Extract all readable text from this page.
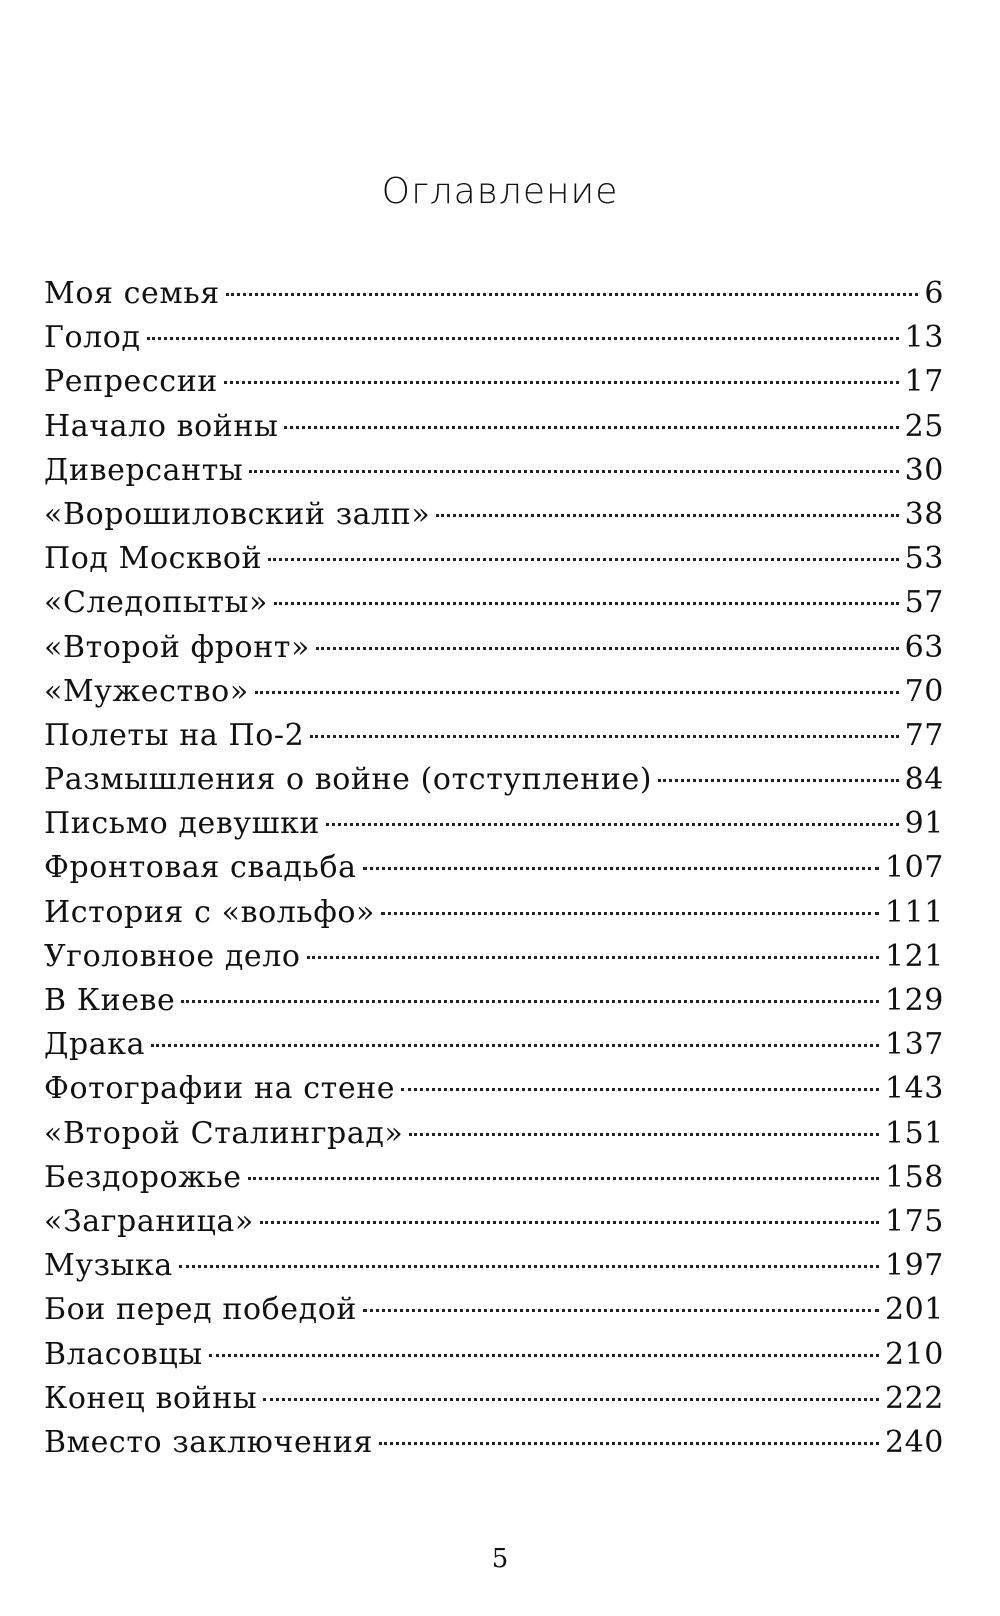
Оглавление
Моя семья	6
Голод	13
Репрессии	17
Начало войны	25
Диверсанты	30
«Ворошиловский залп»	38
Под Москвой	53
«Следопыты»	57
«Второй фронт»	63
«Мужество»	70
Полеты на По-2	77
Размышления о войне (отступление)	84
Письмо девушки	91
Фронтовая свадьба	107
История с «вольфо»	111
Уголовное дело	121
В Киеве	129
Драка	137
Фотографии на стене	143
«Второй Сталинград»	151
Бездорожье	158
«Заграница»	175
Музыка	197
Бои перед победой	201
Власовцы	210
Конец войны	222
Вместо заключения	240
5
